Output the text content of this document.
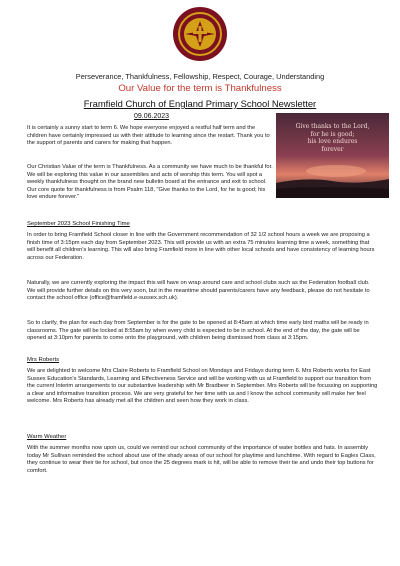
Perseverance, Thankfulness, Fellowship, Respect, Courage, Understanding
Our Value for the term is Thankfulness
Framfield Church of England Primary School Newsletter
09.06.2023
Give thanks to the Lord,
for he is good;
his love endures
forever
It is certainly a sunny start to term 6. We hope everyone enjoyed a restful half term and the children have certainly impressed us with their attitude to learning since the restart. Thank you to the support of parents and carers for making that happen.
Our Christian Value of the term is Thankfulness. As a community we have much to be thankful for. We will be exploring this value in our assemblies and acts of worship this term. You will spot a weekly thankfulness thought on the brand new bulletin board at the entrance and exit to school. Our core quote for thankfulness is from Psalm 118, "Give thanks to the Lord, for he is good; his love endure forever."
September 2023 School Finishing Time
In order to bring Framfield School closer in line with the Government recommendation of 32 1/2 school hours a week we are proposing a finish time of 3:15pm each day from September 2023. This will provide us with an extra 75 minutes learning time a week, something that will benefit all children's learning. This will also bring Framfield more in line with other local schools and have consistency of learning hours across our Federation.
Naturally, we are currently exploring the impact this will have on wrap around care and school clubs such as the Federation football club. We will provide further details on this very soon, but in the meantime should parents/carers have any feedback, please do not hesitate to contact the school office (office@framfield.e-sussex.sch.uk).
So to clarify, the plan for each day from September is for the gate to be opened at 8:45am at which time early bird maths will be ready in classrooms. The gate will be locked at 8:55am by when every child is expected to be in school. At the end of the day, the gate will be opened at 3:10pm for parents to come onto the playground, with children being dismissed from class at 3:15pm.
Mrs Roberts
We are delighted to welcome Mrs Claire Roberts to Framfield School on Mondays and Fridays during term 6. Mrs Roberts works for East Sussex Education's Standards, Learning and Effectiveness Service and will be working with us at Framfield to support our transition from the current Interim arrangements to our substantive leadership with Mr Bradbeer in September. Mrs Roberts will be focussing on supporting a clear and informative transition process. We are very grateful for her time with us and I know the school community will make her feel welcome. Mrs Roberts has already met all the children and seen how they work in class.
Warm Weather
With the summer months now upon us, could we remind our school community of the importance of water bottles and hats. In assembly today Mr Sullivan reminded the school about use of the shady areas of our school for playtime and lunchtime. With regard to Eagles Class, they continue to wear their tie for school, but once the 25 degrees mark is hit, will be able to remove their tie and undo their top buttons for comfort.
